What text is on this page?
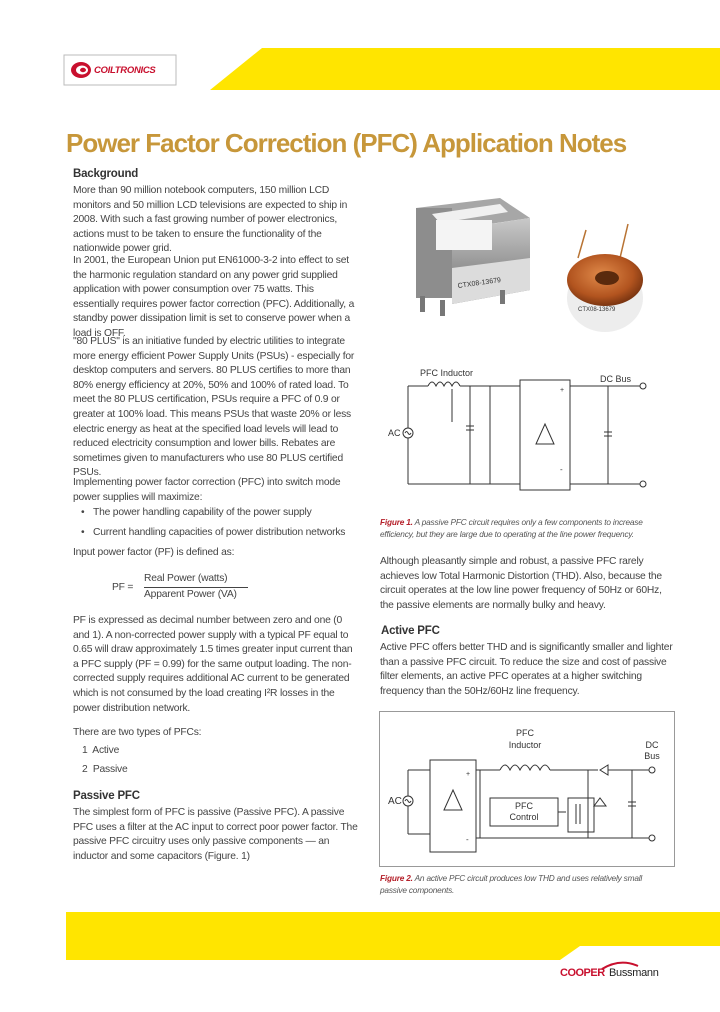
COILTRONICS
Power Factor Correction (PFC) Application Notes
Background
More than 90 million notebook computers, 150 million LCD monitors and 50 million LCD televisions are expected to ship in 2008. With such a fast growing number of power electronics, actions must to be taken to ensure the functionality of the nationwide power grid.
In 2001, the European Union put EN61000-3-2 into effect to set the harmonic regulation standard on any power grid supplied application with power consumption over 75 watts. This essentially requires power factor correction (PFC). Additionally, a standby power dissipation limit is set to conserve power when a load is OFF.
"80 PLUS" is an initiative funded by electric utilities to integrate more energy efficient Power Supply Units (PSUs) - especially for desktop computers and servers. 80 PLUS certifies to more than 80% energy efficiency at 20%, 50% and 100% of rated load. To meet the 80 PLUS certification, PSUs require a PFC of 0.9 or greater at 100% load. This means PSUs that waste 20% or less electric energy as heat at the specified load levels will lead to reduced electricity consumption and lower bills. Rebates are sometimes given to manufacturers who use 80 PLUS certified PSUs.
Implementing power factor correction (PFC) into switch mode power supplies will maximize:
• The power handling capability of the power supply
• Current handling capacities of power distribution networks
Input power factor (PF) is defined as:
PF =
Real Power (watts)
Apparent Power (VA)
PF is expressed as decimal number between zero and one (0 and 1). A non-corrected power supply with a typical PF equal to 0.65 will draw approximately 1.5 times greater input current than a PFC supply (PF = 0.99) for the same output loading. The non-corrected supply requires additional AC current to be generated which is not consumed by the load creating I²R losses in the power distribution network.
There are two types of PFCs:
1  Active
2  Passive
Passive PFC
The simplest form of PFC is passive (Passive PFC). A passive PFC uses a filter at the AC input to correct poor power factor. The passive PFC circuitry uses only passive components — an inductor and some capacitors (Figure. 1)
CTX08-13679
CTX08-13679
+
-
AC
PFC Inductor
DC Bus
Figure 1. A passive PFC circuit requires only a few components to increase efficiency, but they are large due to operating at the line power frequency.
Although pleasantly simple and robust, a passive PFC rarely achieves low Total Harmonic Distortion (THD). Also, because the circuit operates at the low line power frequency of 50Hz or 60Hz, the passive elements are normally bulky and heavy.
Active PFC
Active PFC offers better THD and is significantly smaller and lighter than a passive PFC circuit. To reduce the size and cost of passive filter elements, an active PFC operates at a higher switching frequency than the 50Hz/60Hz line frequency.
+
-
AC
PFC
Inductor	DC
Bus
PFC
Control
Figure 2. An active PFC circuit produces low THD and uses relatively small passive components.
COOPER Bussmann
